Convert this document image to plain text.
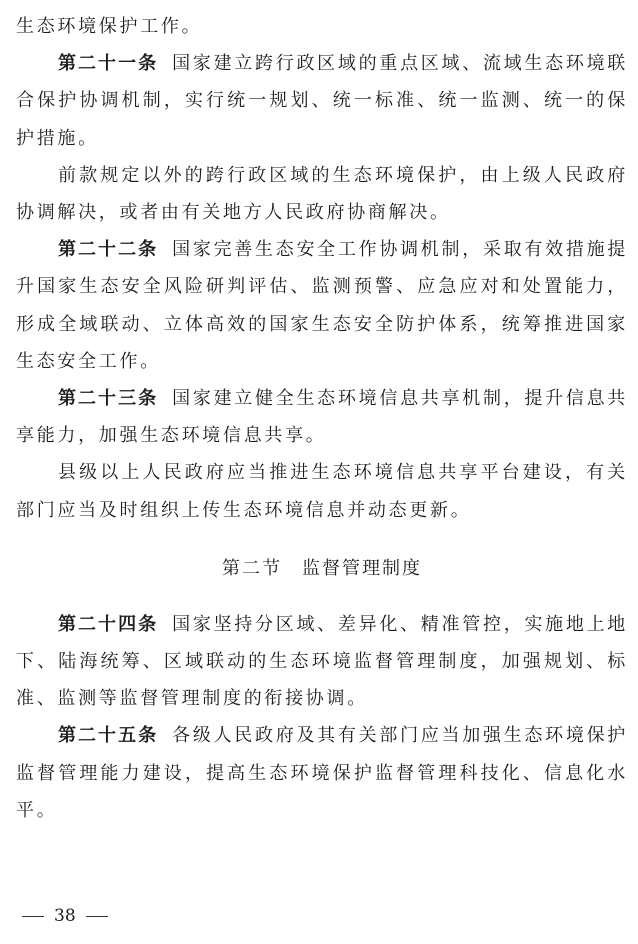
生态环境保护工作。

第二十一条 国家建立跨行政区域的重点区域、流域生态环境联合保护协调机制，实行统一规划、统一标准、统一监测、统一的保护措施。

前款规定以外的跨行政区域的生态环境保护，由上级人民政府协调解决，或者由有关地方人民政府协商解决。

第二十二条 国家完善生态安全工作协调机制，采取有效措施提升国家生态安全风险研判评估、监测预警、应急应对和处置能力，形成全域联动、立体高效的国家生态安全防护体系，统筹推进国家生态安全工作。

第二十三条 国家建立健全生态环境信息共享机制，提升信息共享能力，加强生态环境信息共享。

县级以上人民政府应当推进生态环境信息共享平台建设，有关部门应当及时组织上传生态环境信息并动态更新。

第二节 监督管理制度

第二十四条 国家坚持分区域、差异化、精准管控，实施地上地下、陆海统筹、区域联动的生态环境监督管理制度，加强规划、标准、监测等监督管理制度的衔接协调。

第二十五条 各级人民政府及其有关部门应当加强生态环境保护监督管理能力建设，提高生态环境保护监督管理科技化、信息化水平。

38
